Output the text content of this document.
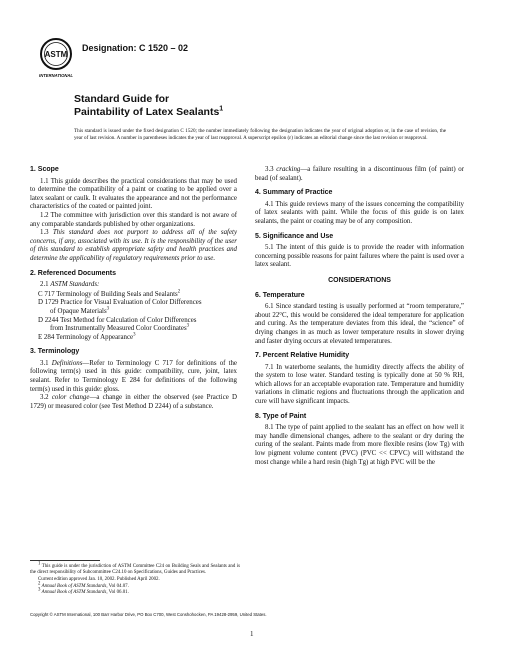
ASTM
INTERNATIONAL
Designation: C 1520 – 02
Standard Guide for
Paintability of Latex Sealants$^1$
This standard is issued under the fixed designation C 1520; the number immediately following the designation indicates the year of original adoption or, in the case of revision, the year of last revision. A number in parentheses indicates the year of last reapproval. A superscript epsilon (ε) indicates an editorial change since the last revision or reapproval.
1. Scope

1.1 This guide describes the practical considerations that may be used to determine the compatibility of a paint or coating to be applied over a latex sealant or caulk. It evaluates the appearance and not the performance characteristics of the coated or painted joint.

1.2 The committee with jurisdiction over this standard is not aware of any comparable standards published by other organizations.

1.3 This standard does not purport to address all of the safety concerns, if any, associated with its use. It is the responsibility of the user of this standard to establish appropriate safety and health practices and determine the applicability of regulatory requirements prior to use.

2. Referenced Documents

2.1 ASTM Standards:

C 717 Terminology of Building Seals and Sealants$^2$
D 1729 Practice for Visual Evaluation of Color Differences
of Opaque Materials$^3$
D 2244 Test Method for Calculation of Color Differences
from Instrumentally Measured Color Coordinates$^3$
E 284 Terminology of Appearance$^3$
3. Terminology

3.1 Definitions—Refer to Terminology C 717 for definitions of the following term(s) used in this guide: compatibility, cure, joint, latex sealant. Refer to Terminology E 284 for definitions of the following term(s) used in this guide: gloss.

3.2 color change—a change in either the observed (see Practice D 1729) or measured color (see Test Method D 2244) of a substance.

3.3 cracking—a failure resulting in a discontinuous film (of paint) or bead (of sealant).

4. Summary of Practice

4.1 This guide reviews many of the issues concerning the compatibility of latex sealants with paint. While the focus of this guide is on latex sealants, the paint or coating may be of any composition.

5. Significance and Use

5.1 The intent of this guide is to provide the reader with information concerning possible reasons for paint failures where the paint is used over a latex sealant.

CONSIDERATIONS
6. Temperature

6.1 Since standard testing is usually performed at “room temperature,” about 22°C, this would be considered the ideal temperature for application and curing. As the temperature deviates from this ideal, the “science” of drying changes in as much as lower temperature results in slower drying and faster drying occurs at elevated temperatures.

7. Percent Relative Humidity

7.1 In waterborne sealants, the humidity directly affects the ability of the system to lose water. Standard testing is typically done at 50 % RH, which allows for an acceptable evaporation rate. Temperature and humidity variations in climatic regions and fluctuations through the application and cure will have significant impacts.

8. Type of Paint

8.1 The type of paint applied to the sealant has an effect on how well it may handle dimensional changes, adhere to the sealant or dry during the curing of the sealant. Paints made from more flexible resins (low Tg) with low pigment volume content (PVC) (PVC << CPVC) will withstand the most change while a hard resin (high Tg) at high PVC will be the

$^1$ This guide is under the jurisdiction of ASTM Committee C24 on Building Seals and Sealants and is the direct responsibility of Subcommittee C24.10 on Specifications, Guides and Practices.

Current edition approved Jan. 10, 2002. Published April 2002.

$^2$ Annual Book of ASTM Standards, Vol 04.07.

$^3$ Annual Book of ASTM Standards, Vol 06.01.

Copyright © ASTM International, 100 Barr Harbor Drive, PO Box C700, West Conshohocken, PA 19428-2959, United States.
1
